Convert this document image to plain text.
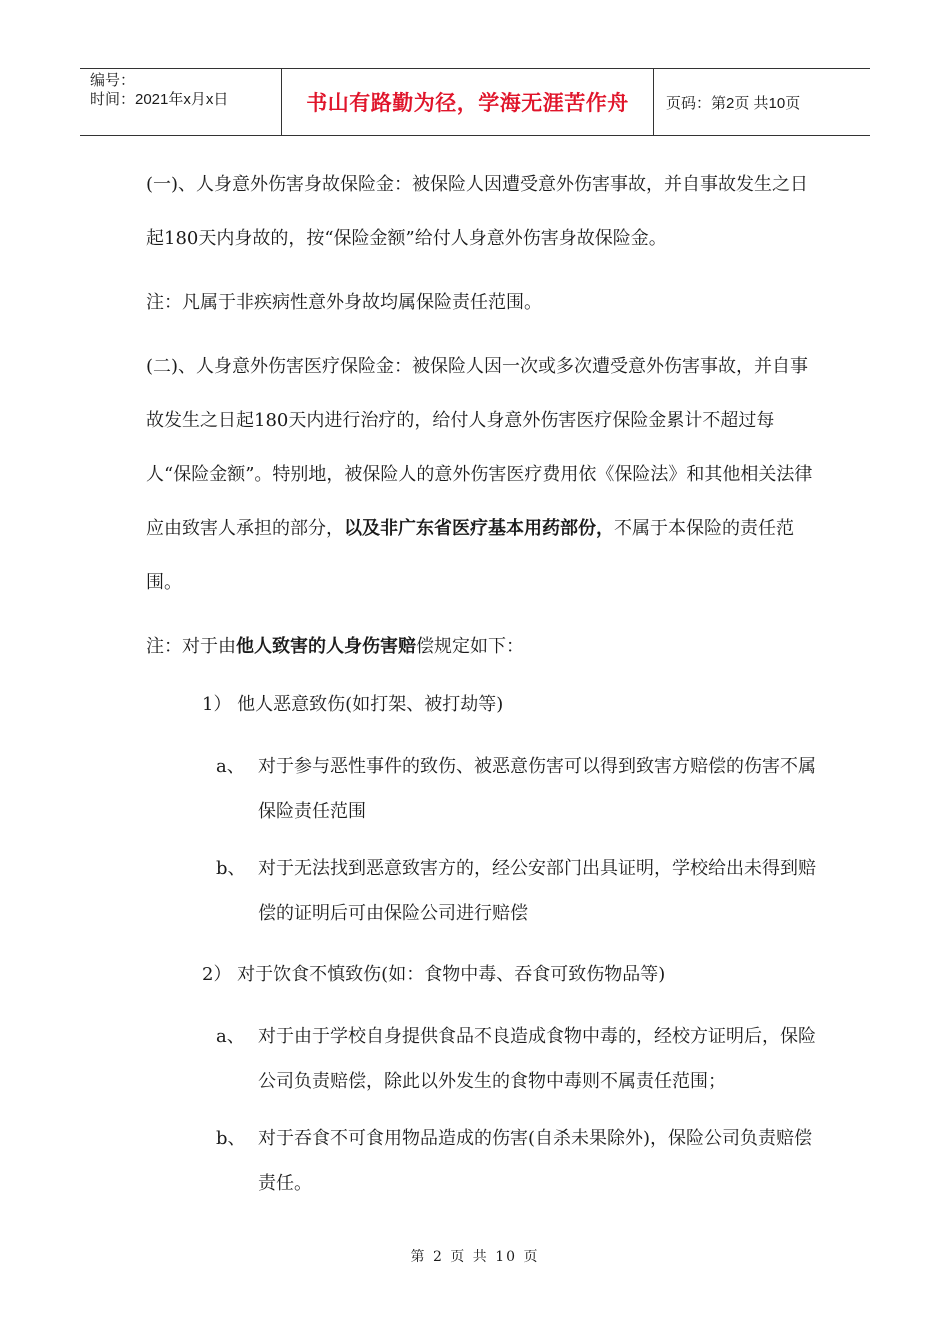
编号：
时间：2021年x月x日	书山有路勤为径，学海无涯苦作舟	页码：第2页 共10页

(一)、人身意外伤害身故保险金：被保险人因遭受意外伤害事故，并自事故发生之日起180天内身故的，按“保险金额”给付人身意外伤害身故保险金。

注：凡属于非疾病性意外身故均属保险责任范围。

(二)、人身意外伤害医疗保险金：被保险人因一次或多次遭受意外伤害事故，并自事故发生之日起180天内进行治疗的，给付人身意外伤害医疗保险金累计不超过每人“保险金额”。特别地，被保险人的意外伤害医疗费用依《保险法》和其他相关法律应由致害人承担的部分，以及非广东省医疗基本用药部份，不属于本保险的责任范围。

注：对于由他人致害的人身伤害赔偿规定如下：

1） 他人恶意致伤(如打架、被打劫等)

a、 对于参与恶性事件的致伤、被恶意伤害可以得到致害方赔偿的伤害不属保险责任范围
b、 对于无法找到恶意致害方的，经公安部门出具证明，学校给出未得到赔偿的证明后可由保险公司进行赔偿

2） 对于饮食不慎致伤(如：食物中毒、吞食可致伤物品等)

a、 对于由于学校自身提供食品不良造成食物中毒的，经校方证明后，保险公司负责赔偿，除此以外发生的食物中毒则不属责任范围；
b、 对于吞食不可食用物品造成的伤害(自杀未果除外)，保险公司负责赔偿责任。
第 2 页 共 10 页
